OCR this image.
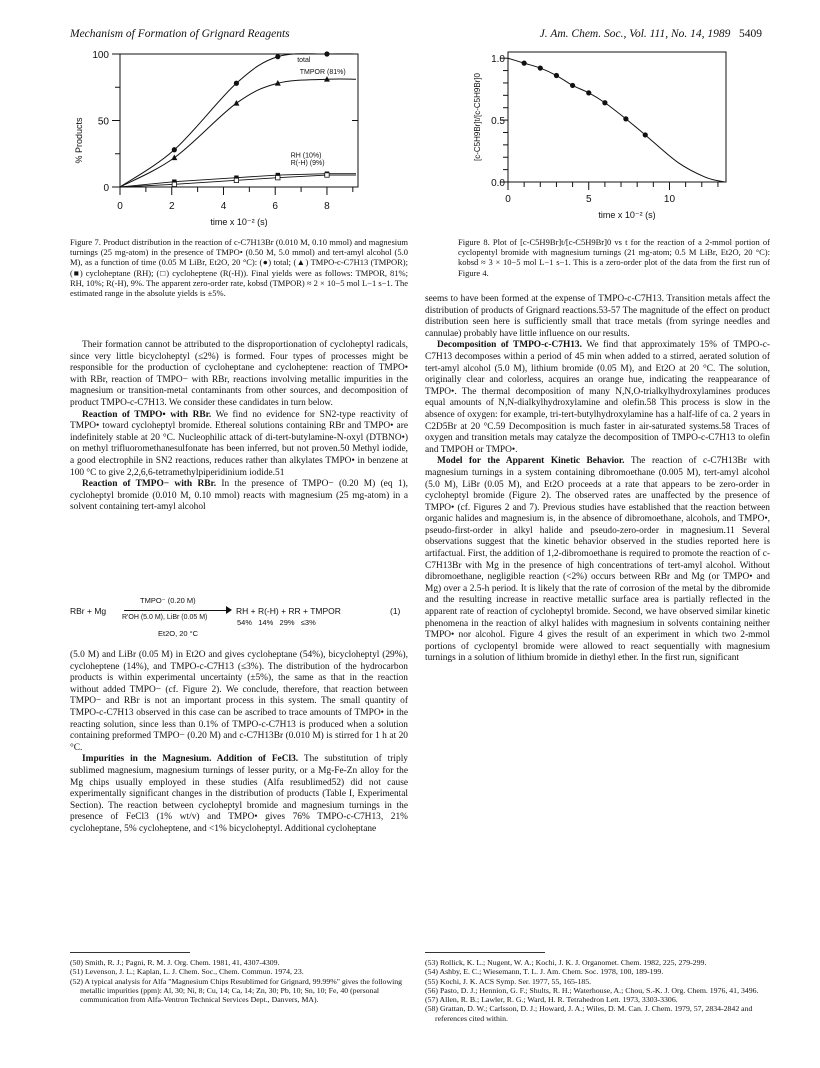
Mechanism of Formation of Grignard Reagents	J. Am. Chem. Soc., Vol. 111, No. 14, 1989 5409
0	2	4	6	8
0
50
100
time x 10⁻² (s)
% Products
total
TMPOR (81%)
RH (10%)
R(-H) (9%)
0	5	10
0.0
0.5
1.0
time x 10⁻² (s)
[c-C5H9Br]t/[c-C5H9Br]0
Figure 7. Product distribution in the reaction of c-C7H13Br (0.010 M, 0.10 mmol) and magnesium turnings (25 mg-atom) in the presence of TMPO• (0.50 M, 5.0 mmol) and tert-amyl alcohol (5.0 M), as a function of time (0.05 M LiBr, Et2O, 20 °C): (●) total; (▲) TMPO-c-C7H13 (TMPOR); (■) cycloheptane (RH); (□) cycloheptene (R(-H)). Final yields were as follows: TMPOR, 81%; RH, 10%; R(-H), 9%. The apparent zero-order rate, kobsd (TMPOR) ≈ 2 × 10−5 mol L−1 s−1. The estimated range in the absolute yields is ±5%.
Figure 8. Plot of [c-C5H9Br]t/[c-C5H9Br]0 vs t for the reaction of a 2-mmol portion of cyclopentyl bromide with magnesium turnings (21 mg-atom; 0.5 M LiBr, Et2O, 20 °C): kobsd ≈ 3 × 10−5 mol L−1 s−1. This is a zero-order plot of the data from the first run of Figure 4.

Their formation cannot be attributed to the disproportionation of cycloheptyl radicals, since very little bicycloheptyl (≤2%) is formed. Four types of processes might be responsible for the production of cycloheptane and cycloheptene: reaction of TMPO• with RBr, reaction of TMPO− with RBr, reactions involving metallic impurities in the magnesium or transition-metal contaminants from other sources, and decomposition of product TMPO-c-C7H13. We consider these candidates in turn below.

Reaction of TMPO• with RBr. We find no evidence for SN2-type reactivity of TMPO• toward cycloheptyl bromide. Ethereal solutions containing RBr and TMPO• are indefinitely stable at 20 °C. Nucleophilic attack of di-tert-butylamine-N-oxyl (DTBNO•) on methyl trifluoromethanesulfonate has been inferred, but not proven.50 Methyl iodide, a good electrophile in SN2 reactions, reduces rather than alkylates TMPO• in benzene at 100 °C to give 2,2,6,6-tetramethylpiperidinium iodide.51

Reaction of TMPO− with RBr. In the presence of TMPO− (0.20 M) (eq 1), cycloheptyl bromide (0.010 M, 0.10 mmol) reacts with magnesium (25 mg-atom) in a solvent containing tert-amyl alcohol

RBr + Mg
TMPO⁻ (0.20 M)
R'OH (5.0 M), LiBr (0.05 M)
Et2O, 20 °C
RH + R(-H) + RR + TMPOR	(1)
54%   14%   29%   ≤3%

(5.0 M) and LiBr (0.05 M) in Et2O and gives cycloheptane (54%), bicycloheptyl (29%), cycloheptene (14%), and TMPO-c-C7H13 (≤3%). The distribution of the hydrocarbon products is within experimental uncertainty (±5%), the same as that in the reaction without added TMPO− (cf. Figure 2). We conclude, therefore, that reaction between TMPO− and RBr is not an important process in this system. The small quantity of TMPO-c-C7H13 observed in this case can be ascribed to trace amounts of TMPO• in the reacting solution, since less than 0.1% of TMPO-c-C7H13 is produced when a solution containing preformed TMPO− (0.20 M) and c-C7H13Br (0.010 M) is stirred for 1 h at 20 °C.

Impurities in the Magnesium. Addition of FeCl3. The substitution of triply sublimed magnesium, magnesium turnings of lesser purity, or a Mg-Fe-Zn alloy for the Mg chips usually employed in these studies (Alfa resublimed52) did not cause experimentally significant changes in the distribution of products (Table I, Experimental Section). The reaction between cycloheptyl bromide and magnesium turnings in the presence of FeCl3 (1% wt/v) and TMPO• gives 76% TMPO-c-C7H13, 21% cycloheptane, 5% cycloheptene, and <1% bicycloheptyl. Additional cycloheptane

seems to have been formed at the expense of TMPO-c-C7H13. Transition metals affect the distribution of products of Grignard reactions.53-57 The magnitude of the effect on product distribution seen here is sufficiently small that trace metals (from syringe needles and cannulae) probably have little influence on our results.

Decomposition of TMPO-c-C7H13. We find that approximately 15% of TMPO-c-C7H13 decomposes within a period of 45 min when added to a stirred, aerated solution of tert-amyl alcohol (5.0 M), lithium bromide (0.05 M), and Et2O at 20 °C. The solution, originally clear and colorless, acquires an orange hue, indicating the reappearance of TMPO•. The thermal decomposition of many N,N,O-trialkylhydroxylamines produces equal amounts of N,N-dialkylhydroxylamine and olefin.58 This process is slow in the absence of oxygen: for example, tri-tert-butylhydroxylamine has a half-life of ca. 2 years in C2D5Br at 20 °C.59 Decomposition is much faster in air-saturated systems.58 Traces of oxygen and transition metals may catalyze the decomposition of TMPO-c-C7H13 to olefin and TMPOH or TMPO•.

Model for the Apparent Kinetic Behavior. The reaction of c-C7H13Br with magnesium turnings in a system containing dibromoethane (0.005 M), tert-amyl alcohol (5.0 M), LiBr (0.05 M), and Et2O proceeds at a rate that appears to be zero-order in cycloheptyl bromide (Figure 2). The observed rates are unaffected by the presence of TMPO• (cf. Figures 2 and 7). Previous studies have established that the reaction between organic halides and magnesium is, in the absence of dibromoethane, alcohols, and TMPO•, pseudo-first-order in alkyl halide and pseudo-zero-order in magnesium.11 Several observations suggest that the kinetic behavior observed in the studies reported here is artifactual. First, the addition of 1,2-dibromoethane is required to promote the reaction of c-C7H13Br with Mg in the presence of high concentrations of tert-amyl alcohol. Without dibromoethane, negligible reaction (<2%) occurs between RBr and Mg (or TMPO• and Mg) over a 2.5-h period. It is likely that the rate of corrosion of the metal by the dibromide and the resulting increase in reactive metallic surface area is partially reflected in the apparent rate of reaction of cycloheptyl bromide. Second, we have observed similar kinetic phenomena in the reaction of alkyl halides with magnesium in solvents containing neither TMPO• nor alcohol. Figure 4 gives the result of an experiment in which two 2-mmol portions of cyclopentyl bromide were allowed to react sequentially with magnesium turnings in a solution of lithium bromide in diethyl ether. In the first run, significant

(50) Smith, R. J.; Pagni, R. M. J. Org. Chem. 1981, 41, 4307-4309.
(51) Levenson, J. L.; Kaplan, L. J. Chem. Soc., Chem. Commun. 1974, 23.
(52) A typical analysis for Alfa "Magnesium Chips Resublimed for Grignard, 99.99%" gives the following metallic impurities (ppm): Al, 30; Ni, 8; Cu, 14; Ca, 14; Zn, 30; Pb, 10; Sn, 10; Fe, 40 (personal communication from Alfa-Ventron Technical Services Dept., Danvers, MA).
(53) Rollick, K. L.; Nugent, W. A.; Kochi, J. K. J. Organomet. Chem. 1982, 225, 279-299.
(54) Ashby, E. C.; Wiesemann, T. L. J. Am. Chem. Soc. 1978, 100, 189-199.
(55) Kochi, J. K. ACS Symp. Ser. 1977, 55, 165-185.
(56) Pasto, D. J.; Hennion, G. F.; Shults, R. H.; Waterhouse, A.; Chou, S.-K. J. Org. Chem. 1976, 41, 3496.
(57) Allen, R. B.; Lawler, R. G.; Ward, H. R. Tetrahedron Lett. 1973, 3303-3306.
(58) Grattan, D. W.; Carlsson, D. J.; Howard, J. A.; Wiles, D. M. Can. J. Chem. 1979, 57, 2834-2842 and references cited within.
